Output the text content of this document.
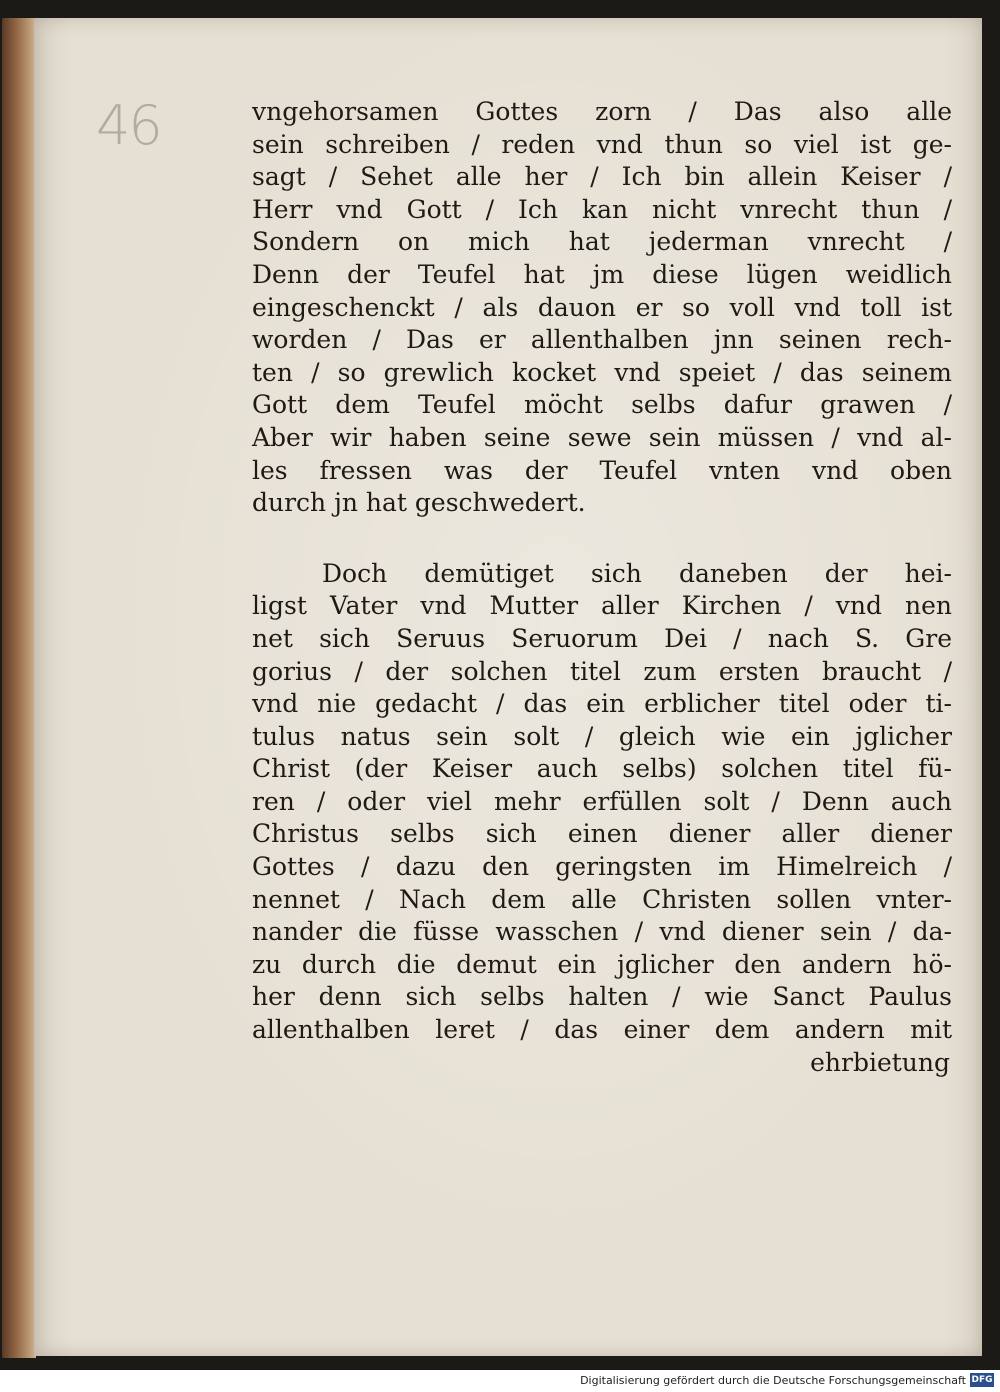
46	vngehorsamen Gottes zorn / Das also alle
sein schreiben / reden vnd thun so viel ist ge-
sagt / Sehet alle her / Ich bin allein Keiser /
Herr vnd Gott / Ich kan nicht vnrecht thun /
Sondern on mich hat jederman vnrecht /
Denn der Teufel hat jm diese lügen weidlich
eingeschenckt / als dauon er so voll vnd toll ist
worden / Das er allenthalben jnn seinen rech-
ten / so grewlich kocket vnd speiet / das seinem
Gott dem Teufel möcht selbs dafur grawen /
Aber wir haben seine sewe sein müssen / vnd al-
les fressen was der Teufel vnten vnd oben
durch jn hat geschwedert.
Doch demütiget sich daneben der hei-
ligst Vater vnd Mutter aller Kirchen / vnd nen
net sich Seruus Seruorum Dei / nach S. Gre
gorius / der solchen titel zum ersten braucht /
vnd nie gedacht / das ein erblicher titel oder ti-
tulus natus sein solt / gleich wie ein jglicher
Christ (der Keiser auch selbs) solchen titel fü-
ren / oder viel mehr erfüllen solt / Denn auch
Christus selbs sich einen diener aller diener
Gottes / dazu den geringsten im Himelreich /
nennet / Nach dem alle Christen sollen vnter-
nander die füsse wasschen / vnd diener sein / da-
zu durch die demut ein jglicher den andern hö-
her denn sich selbs halten / wie Sanct Paulus
allenthalben leret / das einer dem andern mit
ehrbietung
Digitalisierung gefördert durch die Deutsche Forschungsgemeinschaft DFG
